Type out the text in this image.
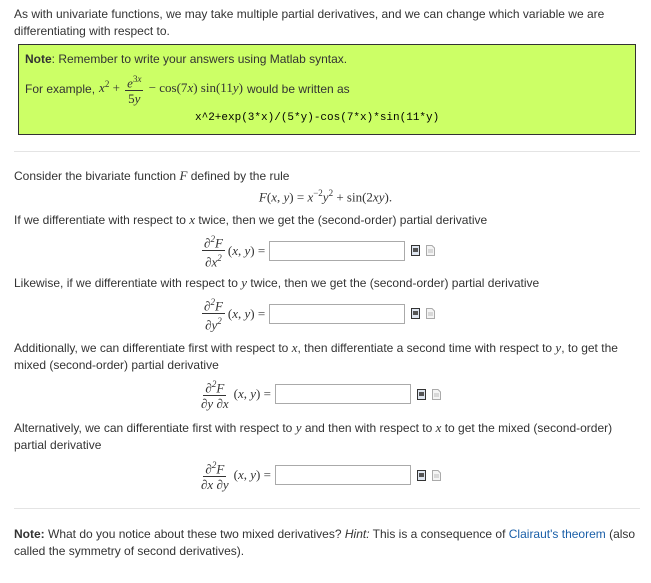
As with univariate functions, we may take multiple partial derivatives, and we can change which variable we are differentiating with respect to.
Note: Remember to write your answers using Matlab syntax.
For example, $x^2 + \frac{e^{3x}}{5y} - \cos(7x)$ sin(11y) would be written as
x^2+exp(3*x)/(5*y)-cos(7*x)*sin(11*y)
Consider the bivariate function F defined by the rule
F(x, $y) = x^{-2}y^2 + \sin(2xy)$.
If we differentiate with respect to x twice, then we get the (second-order) partial derivative
$\frac{\partial^2F}{\partial x^2} (x$, y) =
Likewise, if we differentiate with respect to y twice, then we get the (second-order) partial derivative
$\frac{\partial^2F}{\partial y^2} (x$, y) =
Additionally, we can differentiate first with respect to x, then differentiate a second time with respect to y, to get the mixed (second-order) partial derivative
$\frac{\partial^2F}{\partial y \partial x} (x$, y) =
Alternatively, we can differentiate first with respect to y and then with respect to x to get the mixed (second-order) partial derivative
$\frac{\partial^2F}{\partial x \partial y} (x$, y) =
Note: What do you notice about these two mixed derivatives? Hint: This is a consequence of Clairaut's theorem (also called the symmetry of second derivatives).
